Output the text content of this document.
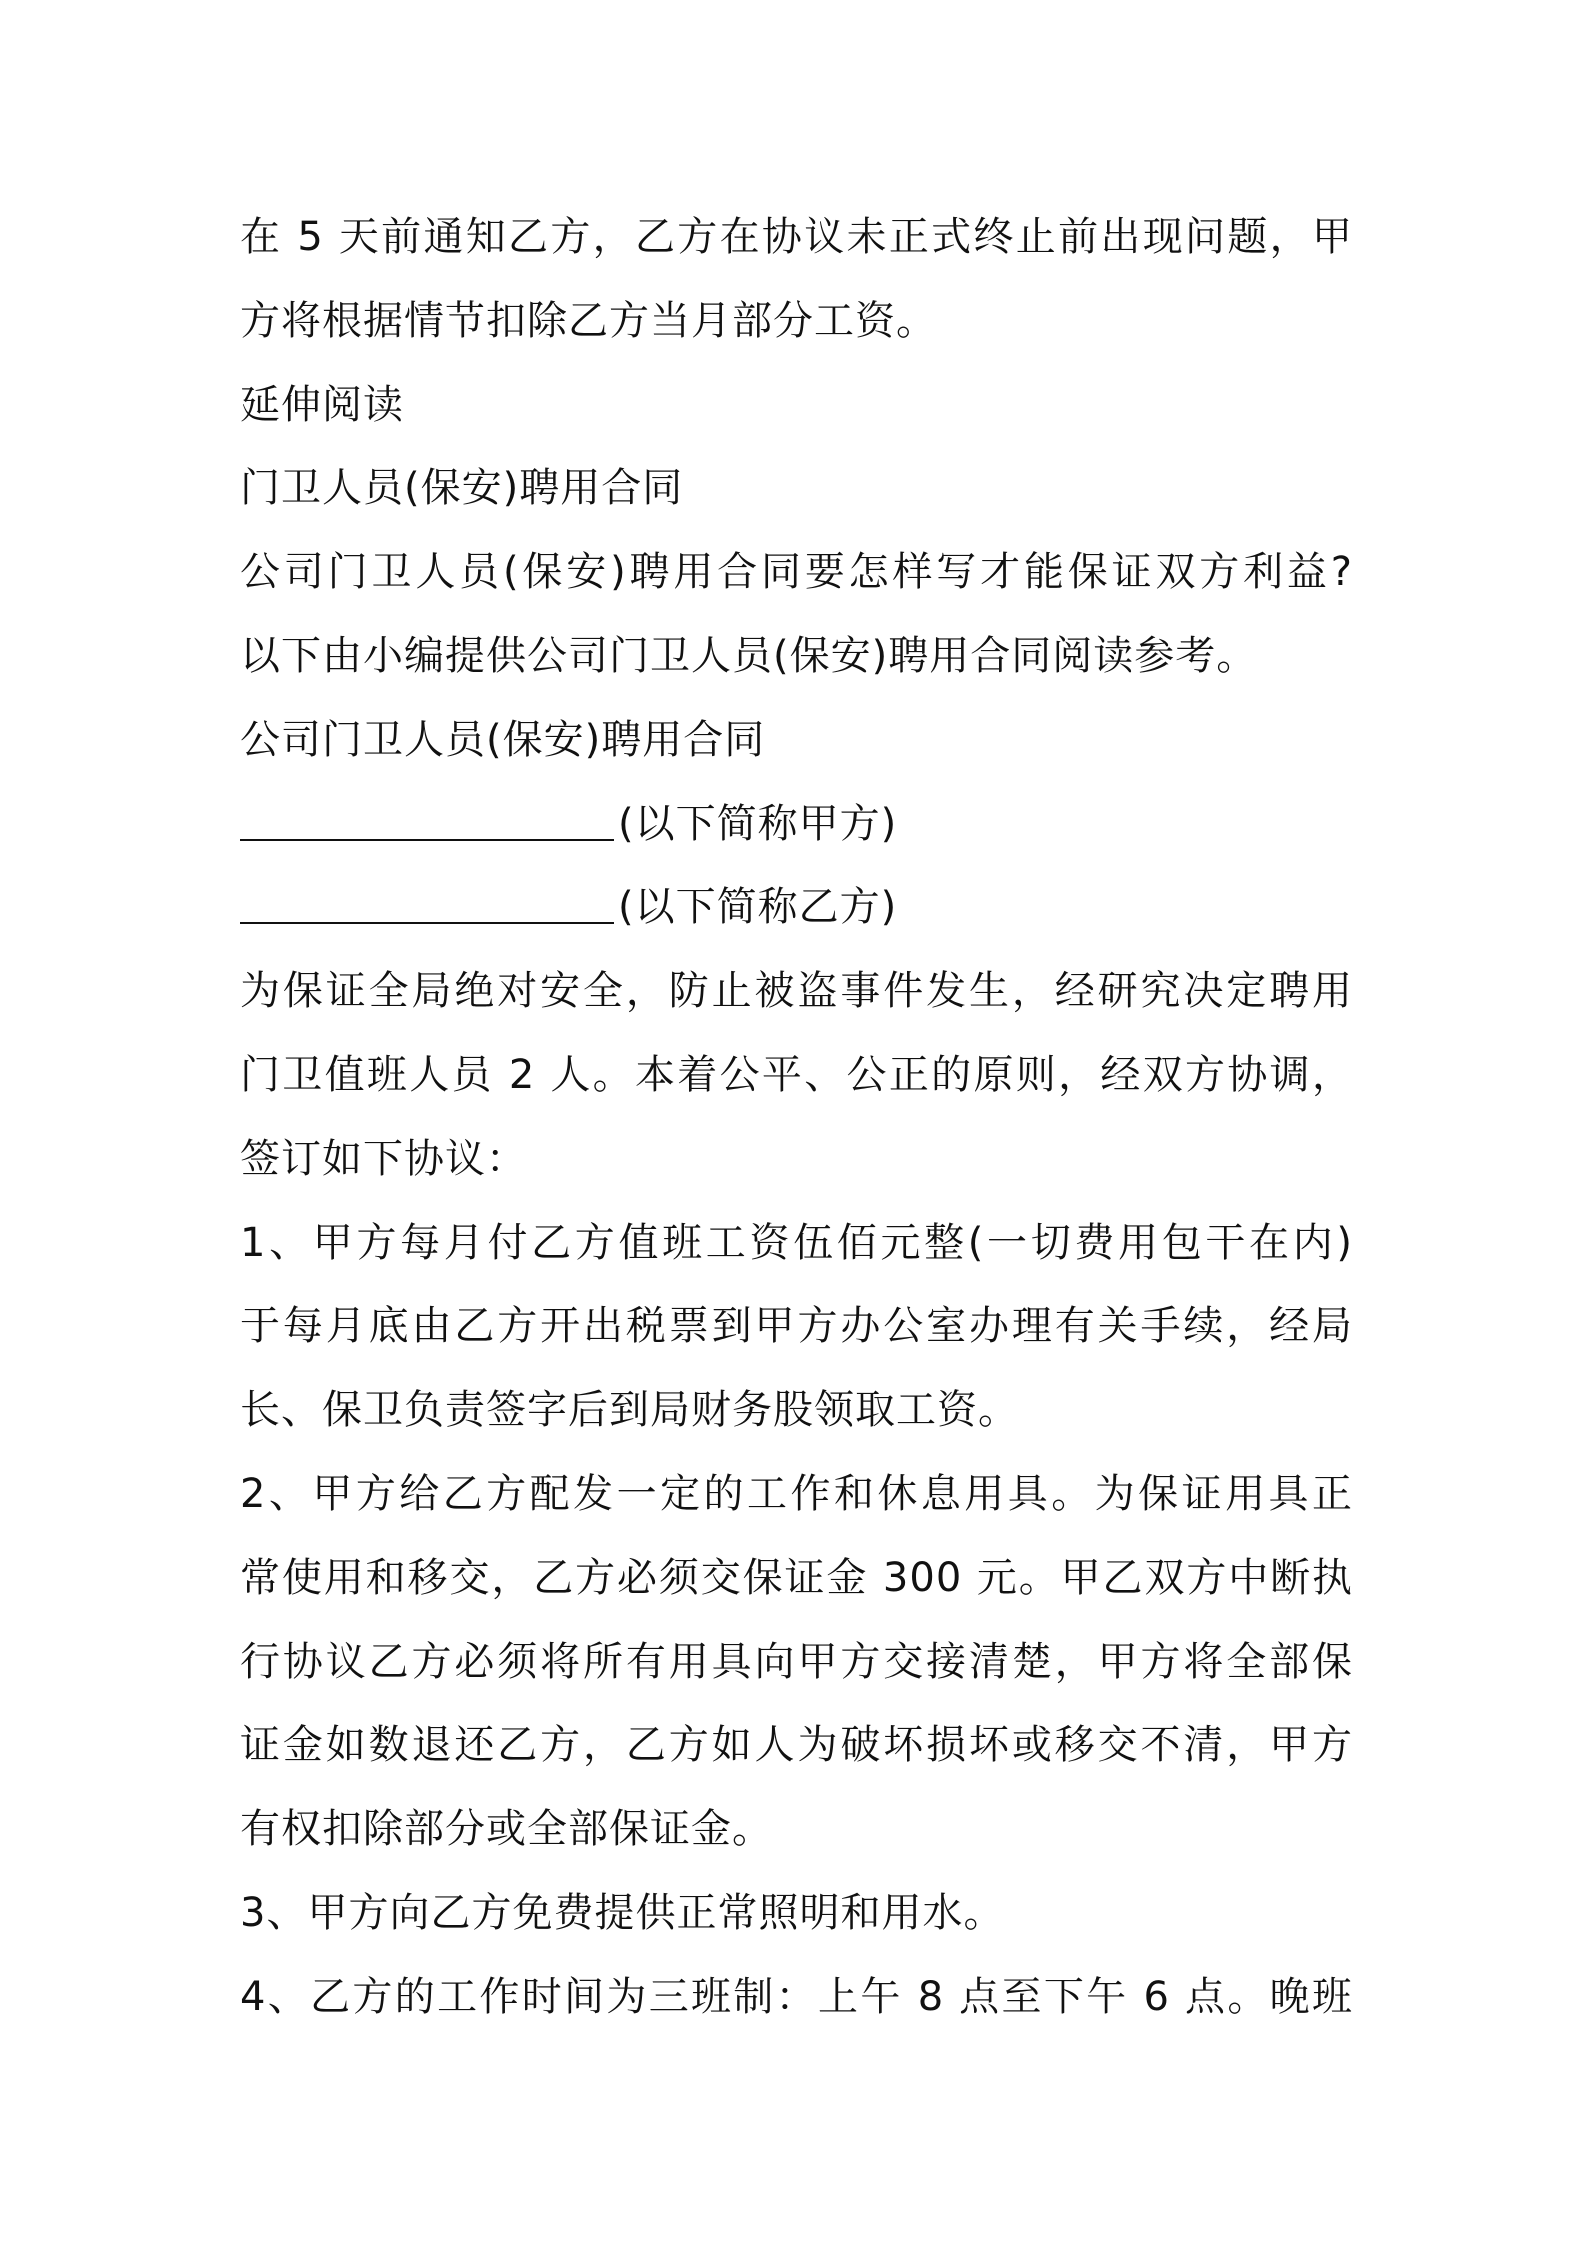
在 5 天前通知乙方，乙方在协议未正式终止前出现问题，甲
方将根据情节扣除乙方当月部分工资。
延伸阅读
门卫人员(保安)聘用合同
公司门卫人员(保安)聘用合同要怎样写才能保证双方利益?
以下由小编提供公司门卫人员(保安)聘用合同阅读参考。
公司门卫人员(保安)聘用合同
(以下简称甲方)
(以下简称乙方)
为保证全局绝对安全，防止被盗事件发生，经研究决定聘用
门卫值班人员 2 人。本着公平、公正的原则，经双方协调，
签订如下协议：
1、甲方每月付乙方值班工资伍佰元整(一切费用包干在内)
于每月底由乙方开出税票到甲方办公室办理有关手续，经局
长、保卫负责签字后到局财务股领取工资。
2、甲方给乙方配发一定的工作和休息用具。为保证用具正
常使用和移交，乙方必须交保证金 300 元。甲乙双方中断执
行协议乙方必须将所有用具向甲方交接清楚，甲方将全部保
证金如数退还乙方，乙方如人为破坏损坏或移交不清，甲方
有权扣除部分或全部保证金。
3、甲方向乙方免费提供正常照明和用水。
4、乙方的工作时间为三班制：上午 8 点至下午 6 点。晚班
